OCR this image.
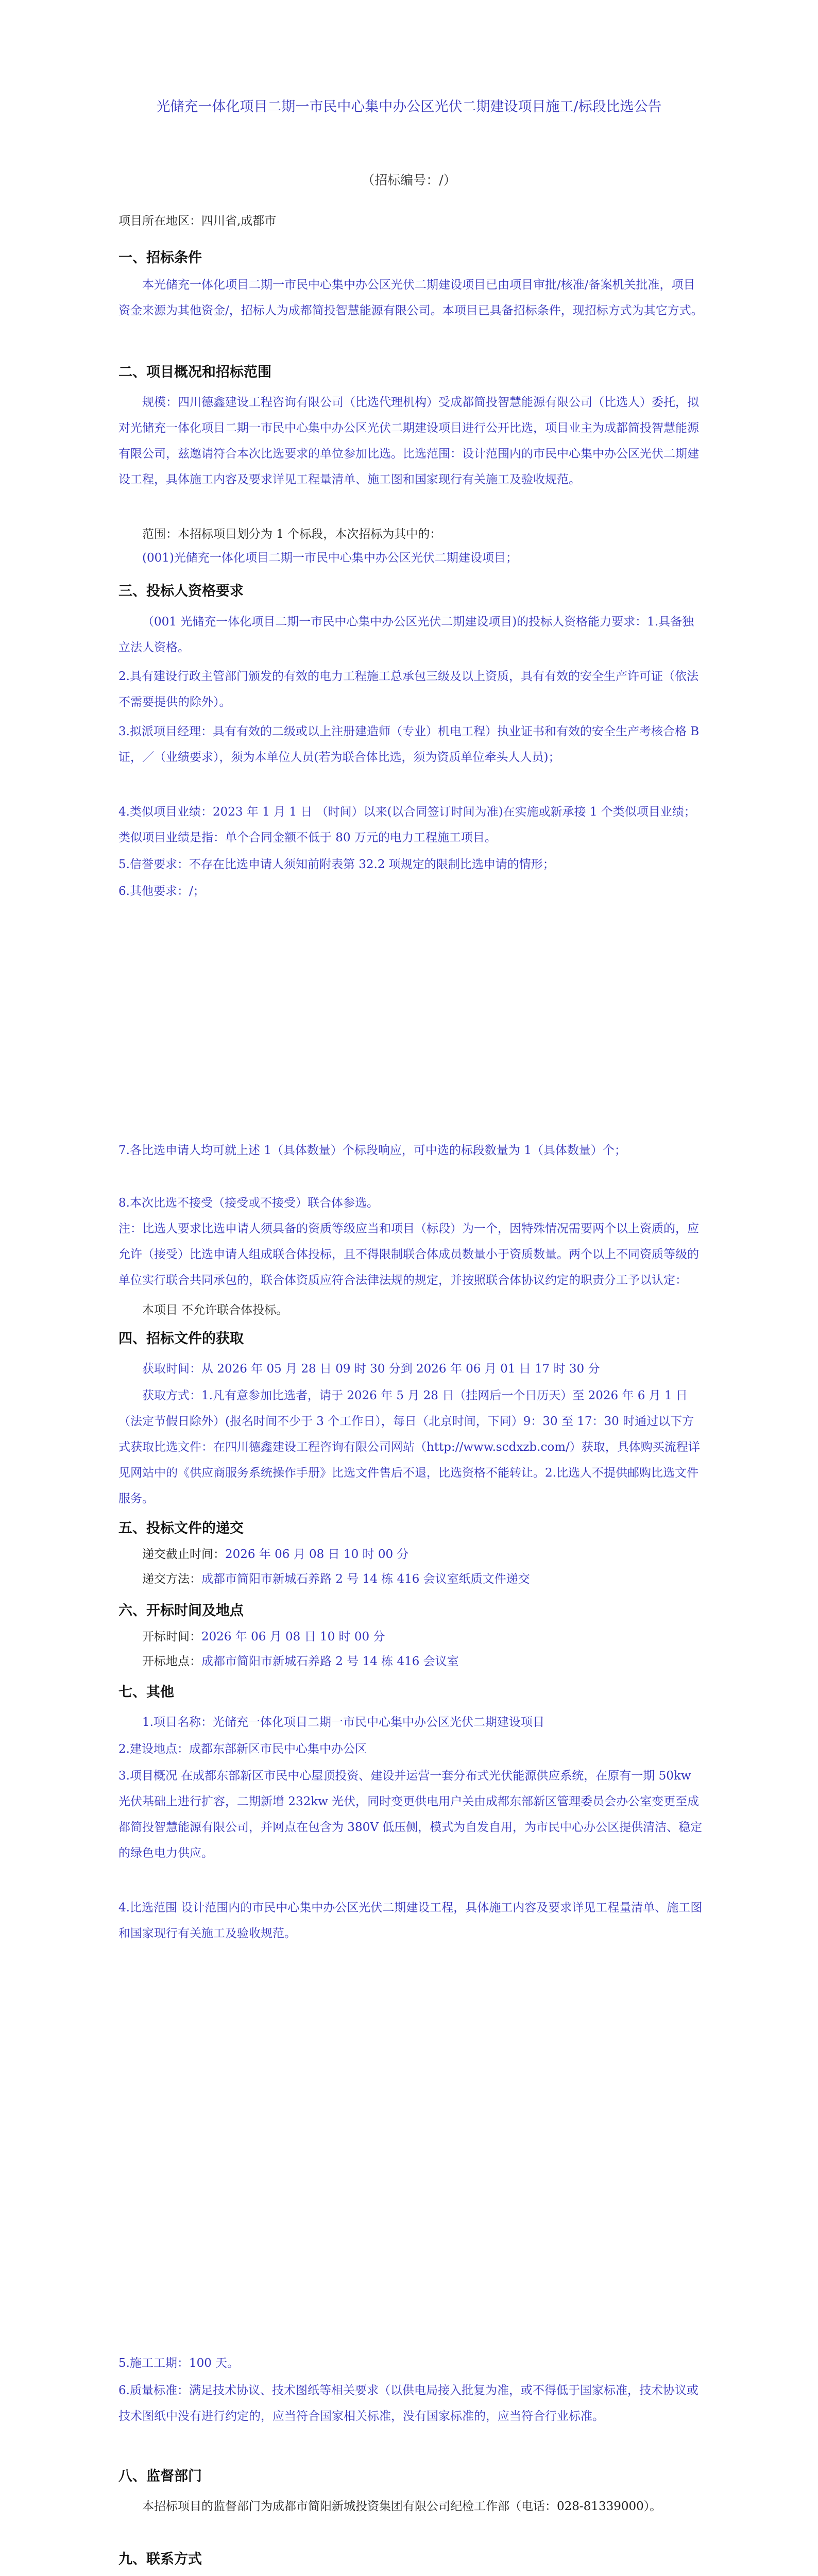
光储充一体化项目二期一市民中心集中办公区光伏二期建设项目施工/标段比选公告
（招标编号：/）
项目所在地区：四川省,成都市
一、招标条件
本光储充一体化项目二期一市民中心集中办公区光伏二期建设项目已由项目审批/核准/备案机关批准，项目资金来源为其他资金/，招标人为成都简投智慧能源有限公司。本项目已具备招标条件，现招标方式为其它方式。
二、项目概况和招标范围
规模：四川德鑫建设工程咨询有限公司（比选代理机构）受成都简投智慧能源有限公司（比选人）委托，拟对光储充一体化项目二期一市民中心集中办公区光伏二期建设项目进行公开比选，项目业主为成都简投智慧能源有限公司，兹邀请符合本次比选要求的单位参加比选。比选范围：设计范围内的市民中心集中办公区光伏二期建设工程，具体施工内容及要求详见工程量清单、施工图和国家现行有关施工及验收规范。
范围：本招标项目划分为 1 个标段，本次招标为其中的：
(001)光储充一体化项目二期一市民中心集中办公区光伏二期建设项目；
三、投标人资格要求
（001 光储充一体化项目二期一市民中心集中办公区光伏二期建设项目)的投标人资格能力要求：1.具备独立法人资格。
2.具有建设行政主管部门颁发的有效的电力工程施工总承包三级及以上资质，具有有效的安全生产许可证（依法不需要提供的除外）。
3.拟派项目经理：具有有效的二级或以上注册建造师（专业）机电工程）执业证书和有效的安全生产考核合格 B 证，／（业绩要求），须为本单位人员(若为联合体比选，须为资质单位牵头人人员)；
4.类似项目业绩：2023 年 1 月 1 日 （时间）以来(以合同签订时间为准)在实施或新承接 1 个类似项目业绩；类似项目业绩是指：单个合同金额不低于 80 万元的电力工程施工项目。
5.信誉要求：不存在比选申请人须知前附表第 32.2 项规定的限制比选申请的情形；
6.其他要求：/；
7.各比选申请人均可就上述 1（具体数量）个标段响应，可中选的标段数量为 1（具体数量）个；
8.本次比选不接受（接受或不接受）联合体参选。
注：比选人要求比选申请人须具备的资质等级应当和项目（标段）为一个，因特殊情况需要两个以上资质的，应允许（接受）比选申请人组成联合体投标，且不得限制联合体成员数量小于资质数量。两个以上不同资质等级的单位实行联合共同承包的，联合体资质应符合法律法规的规定，并按照联合体协议约定的职责分工予以认定：
本项目 不允许联合体投标。
四、招标文件的获取
获取时间：从 2026 年 05 月 28 日 09 时 30 分到 2026 年 06 月 01 日 17 时 30 分
获取方式：1.凡有意参加比选者，请于 2026 年 5 月 28 日（挂网后一个日历天）至 2026 年 6 月 1 日（法定节假日除外）(报名时间不少于 3 个工作日），每日（北京时间，下同）9：30 至 17：30 时通过以下方式获取比选文件：在四川德鑫建设工程咨询有限公司网站（http://www.scdxzb.com/）获取，具体购买流程详见网站中的《供应商服务系统操作手册》比选文件售后不退，比选资格不能转让。2.比选人不提供邮购比选文件服务。
五、投标文件的递交
递交截止时间：2026 年 06 月 08 日 10 时 00 分
递交方法：成都市简阳市新城石养路 2 号 14 栋 416 会议室纸质文件递交
六、开标时间及地点
开标时间：2026 年 06 月 08 日 10 时 00 分
开标地点：成都市简阳市新城石养路 2 号 14 栋 416 会议室
七、其他
1.项目名称：光储充一体化项目二期一市民中心集中办公区光伏二期建设项目
2.建设地点：成都东部新区市民中心集中办公区
3.项目概况 在成都东部新区市民中心屋顶投资、建设并运营一套分布式光伏能源供应系统，在原有一期 50kw 光伏基础上进行扩容，二期新增 232kw 光伏，同时变更供电用户关由成都东部新区管理委员会办公室变更至成都简投智慧能源有限公司，并网点在包含为 380V 低压侧，模式为自发自用，为市民中心办公区提供清洁、稳定的绿色电力供应。
4.比选范围 设计范围内的市民中心集中办公区光伏二期建设工程，具体施工内容及要求详见工程量清单、施工图和国家现行有关施工及验收规范。
5.施工工期：100 天。
6.质量标准：满足技术协议、技术图纸等相关要求（以供电局接入批复为准，或不得低于国家标准，技术协议或技术图纸中没有进行约定的，应当符合国家相关标准，没有国家标准的，应当符合行业标准。
八、监督部门
本招标项目的监督部门为成都市简阳新城投资集团有限公司纪检工作部（电话：028-81339000）。
九、联系方式
